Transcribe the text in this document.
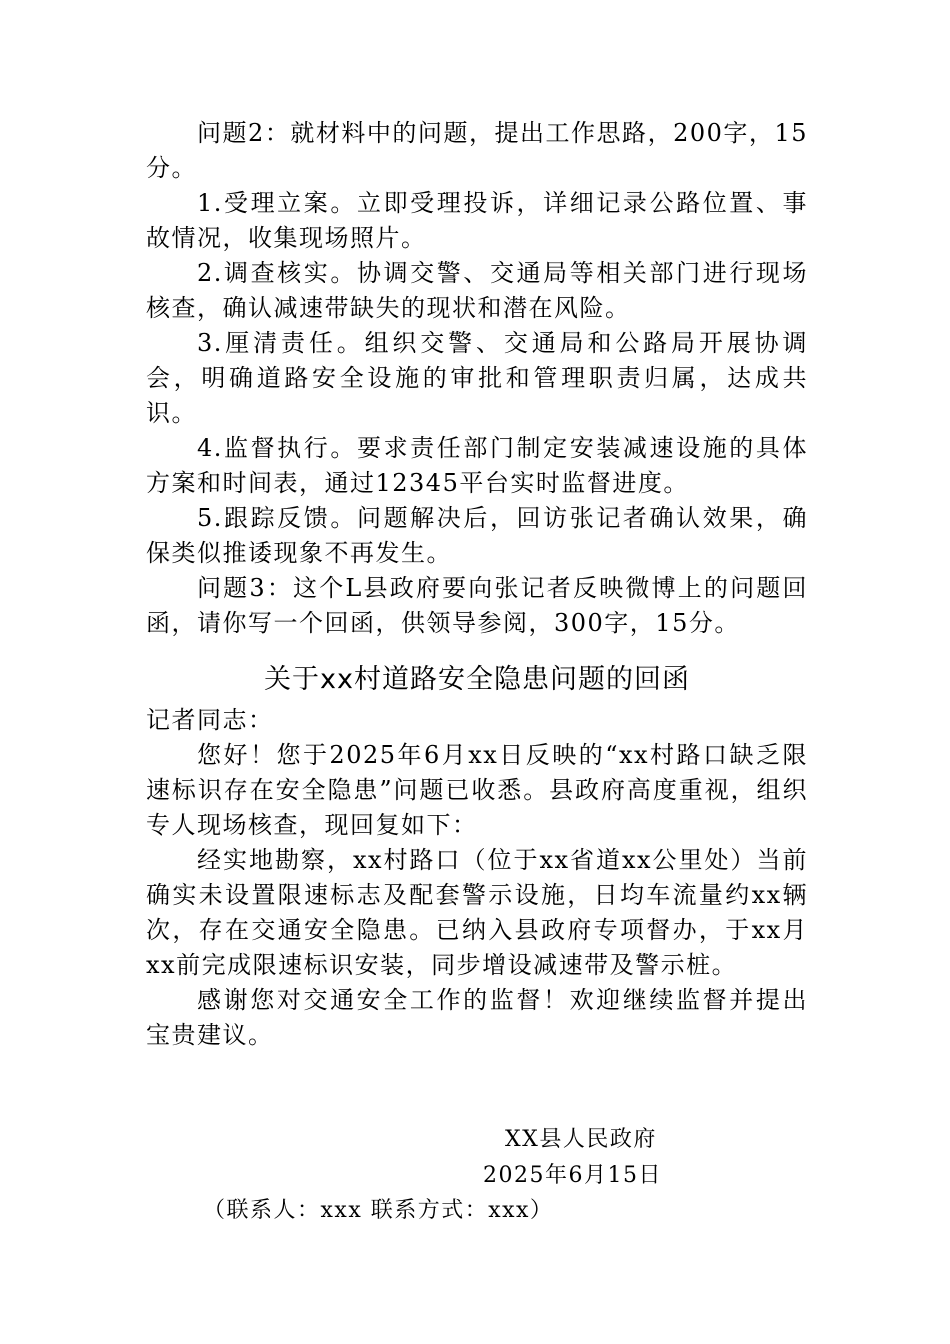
问题2：就材料中的问题，提出工作思路，200字，15分。

1.受理立案。立即受理投诉，详细记录公路位置、事故情况，收集现场照片。

2.调查核实。协调交警、交通局等相关部门进行现场核查，确认减速带缺失的现状和潜在风险。

3.厘清责任。组织交警、交通局和公路局开展协调会，明确道路安全设施的审批和管理职责归属，达成共识。

4.监督执行。要求责任部门制定安装减速设施的具体方案和时间表，通过12345平台实时监督进度。

5.跟踪反馈。问题解决后，回访张记者确认效果，确保类似推诿现象不再发生。

问题3：这个L县政府要向张记者反映微博上的问题回函，请你写一个回函，供领导参阅，300字，15分。

关于xx村道路安全隐患问题的回函

记者同志：

您好！您于2025年6月xx日反映的“xx村路口缺乏限速标识存在安全隐患”问题已收悉。县政府高度重视，组织专人现场核查，现回复如下：

经实地勘察，xx村路口（位于xx省道xx公里处）当前确实未设置限速标志及配套警示设施，日均车流量约xx辆次，存在交通安全隐患。已纳入县政府专项督办，于xx月xx前完成限速标识安装，同步增设减速带及警示桩。

感谢您对交通安全工作的监督！欢迎继续监督并提出宝贵建议。

XX县人民政府
2025年6月15日
（联系人：xxx 联系方式：xxx）
